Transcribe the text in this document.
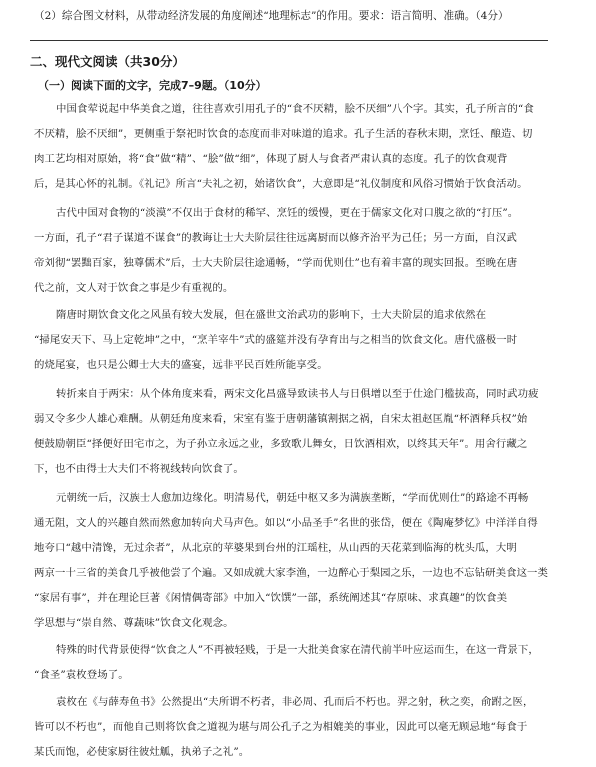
（2）综合图文材料，从带动经济发展的角度阐述“地理标志”的作用。要求：语言简明、准确。（4分）
二、现代文阅读（共30分）
（一）阅读下面的文字，完成7–9题。（10分）
中国食荤说起中华美食之道，往往喜欢引用孔子的“食不厌精，脍不厌细”八个字。其实，孔子所言的“食
不厌精，脍不厌细”，更侧重于祭祀时饮食的态度而非对味道的追求。孔子生活的春秋末期，烹饪、酿造、切
肉工艺均相对原始，将“食”做“精”、“脍”做“细”，体现了厨人与食者严肃认真的态度。孔子的饮食观背
后，是其心怀的礼制。《礼记》所言“夫礼之初，始诸饮食”，大意即是“礼仪制度和风俗习惯始于饮食活动。
古代中国对食物的“淡漠”不仅出于食材的稀罕、烹饪的缓慢，更在于儒家文化对口腹之欲的“打压”。
一方面，孔子“君子谋道不谋食”的教诲让士大夫阶层往往远离厨而以修齐治平为己任；另一方面，自汉武
帝刘彻“罢黜百家，独尊儒术”后，士大夫阶层往途通畅，“学而优则仕”也有着丰富的现实回报。至晚在唐
代之前，文人对于饮食之事是少有重视的。
隋唐时期饮食文化之风虽有较大发展，但在盛世文治武功的影响下，士大夫阶层的追求依然在
“掃尾安天下、马上定乾坤”之中，“烹羊宰牛”式的盛筵并没有孕育出与之相当的饮食文化。唐代盛极一时
的烧尾宴，也只是公卿士大夫的盛宴，远非平民百姓所能享受。
转折来自于两宋：从个体角度来看，两宋文化昌盛导致读书人与日俱增以至于仕途门槛拔高，同时武功疲
弱又令多少人雄心难酬。从朝廷角度来看，宋室有鉴于唐朝藩镇割据之祸，自宋太祖赵匡胤“杯酒释兵权”始
便鼓励朝臣“择便好田宅市之，为子孙立永远之业，多致歌儿舞女，日饮酒相欢，以终其天年”。用舍行藏之
下，也不由得士大夫们不将视线转向饮食了。
元朝统一后，汉族士人愈加边缘化。明清易代，朝廷中枢又多为满族垄断，“学而优则仕”的路途不再畅
通无阻，文人的兴趣自然而然愈加转向犬马声色。如以“小品圣手”名世的张岱，便在《陶庵梦忆》中洋洋自得
地夸口“越中清馋，无过余者”，从北京的苹婆果到台州的江瑶柱，从山西的天花菜到临海的枕头瓜，大明
两京一十三省的美食几乎被他尝了个遍。又如成就大家李渔，一边醉心于梨园之乐，一边也不忘钻研美食这一类
“家居有事”，并在理论巨著《闲情偶寄部》中加入“饮馔”一部，系统阐述其“存原味、求真趣”的饮食美
学思想与“崇自然、尊蔬味”饮食文化观念。
特殊的时代背景使得“饮食之人”不再被轻贱，于是一大批美食家在清代前半叶应运而生，在这一背景下，
“食圣”袁枚登场了。
袁枚在《与薛寿鱼书》公然提出“夫所谓不朽者，非必周、孔而后不朽也。羿之射，秋之奕，俞跗之医，
皆可以不朽也”，而他自己则将饮食之道视为堪与周公孔子之为相媲美的事业，因此可以毫无顾忌地“每食于
某氏而饱，必使家厨往彼灶觚，执弟子之礼”。
